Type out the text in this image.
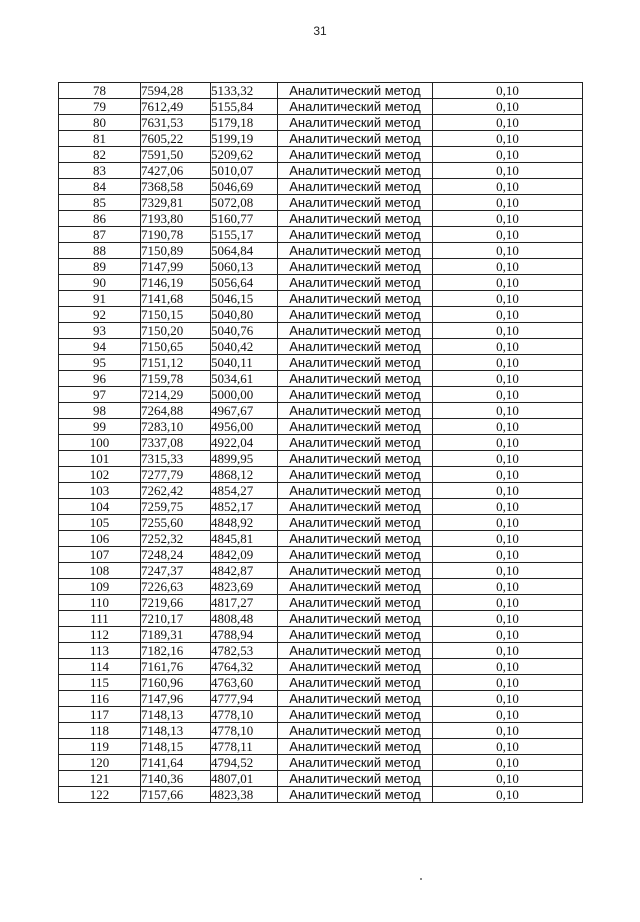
31
78	7594,28	5133,32	Аналитический метод	0,10
79	7612,49	5155,84	Аналитический метод	0,10
80	7631,53	5179,18	Аналитический метод	0,10
81	7605,22	5199,19	Аналитический метод	0,10
82	7591,50	5209,62	Аналитический метод	0,10
83	7427,06	5010,07	Аналитический метод	0,10
84	7368,58	5046,69	Аналитический метод	0,10
85	7329,81	5072,08	Аналитический метод	0,10
86	7193,80	5160,77	Аналитический метод	0,10
87	7190,78	5155,17	Аналитический метод	0,10
88	7150,89	5064,84	Аналитический метод	0,10
89	7147,99	5060,13	Аналитический метод	0,10
90	7146,19	5056,64	Аналитический метод	0,10
91	7141,68	5046,15	Аналитический метод	0,10
92	7150,15	5040,80	Аналитический метод	0,10
93	7150,20	5040,76	Аналитический метод	0,10
94	7150,65	5040,42	Аналитический метод	0,10
95	7151,12	5040,11	Аналитический метод	0,10
96	7159,78	5034,61	Аналитический метод	0,10
97	7214,29	5000,00	Аналитический метод	0,10
98	7264,88	4967,67	Аналитический метод	0,10
99	7283,10	4956,00	Аналитический метод	0,10
100	7337,08	4922,04	Аналитический метод	0,10
101	7315,33	4899,95	Аналитический метод	0,10
102	7277,79	4868,12	Аналитический метод	0,10
103	7262,42	4854,27	Аналитический метод	0,10
104	7259,75	4852,17	Аналитический метод	0,10
105	7255,60	4848,92	Аналитический метод	0,10
106	7252,32	4845,81	Аналитический метод	0,10
107	7248,24	4842,09	Аналитический метод	0,10
108	7247,37	4842,87	Аналитический метод	0,10
109	7226,63	4823,69	Аналитический метод	0,10
110	7219,66	4817,27	Аналитический метод	0,10
111	7210,17	4808,48	Аналитический метод	0,10
112	7189,31	4788,94	Аналитический метод	0,10
113	7182,16	4782,53	Аналитический метод	0,10
114	7161,76	4764,32	Аналитический метод	0,10
115	7160,96	4763,60	Аналитический метод	0,10
116	7147,96	4777,94	Аналитический метод	0,10
117	7148,13	4778,10	Аналитический метод	0,10
118	7148,13	4778,10	Аналитический метод	0,10
119	7148,15	4778,11	Аналитический метод	0,10
120	7141,64	4794,52	Аналитический метод	0,10
121	7140,36	4807,01	Аналитический метод	0,10
122	7157,66	4823,38	Аналитический метод	0,10
